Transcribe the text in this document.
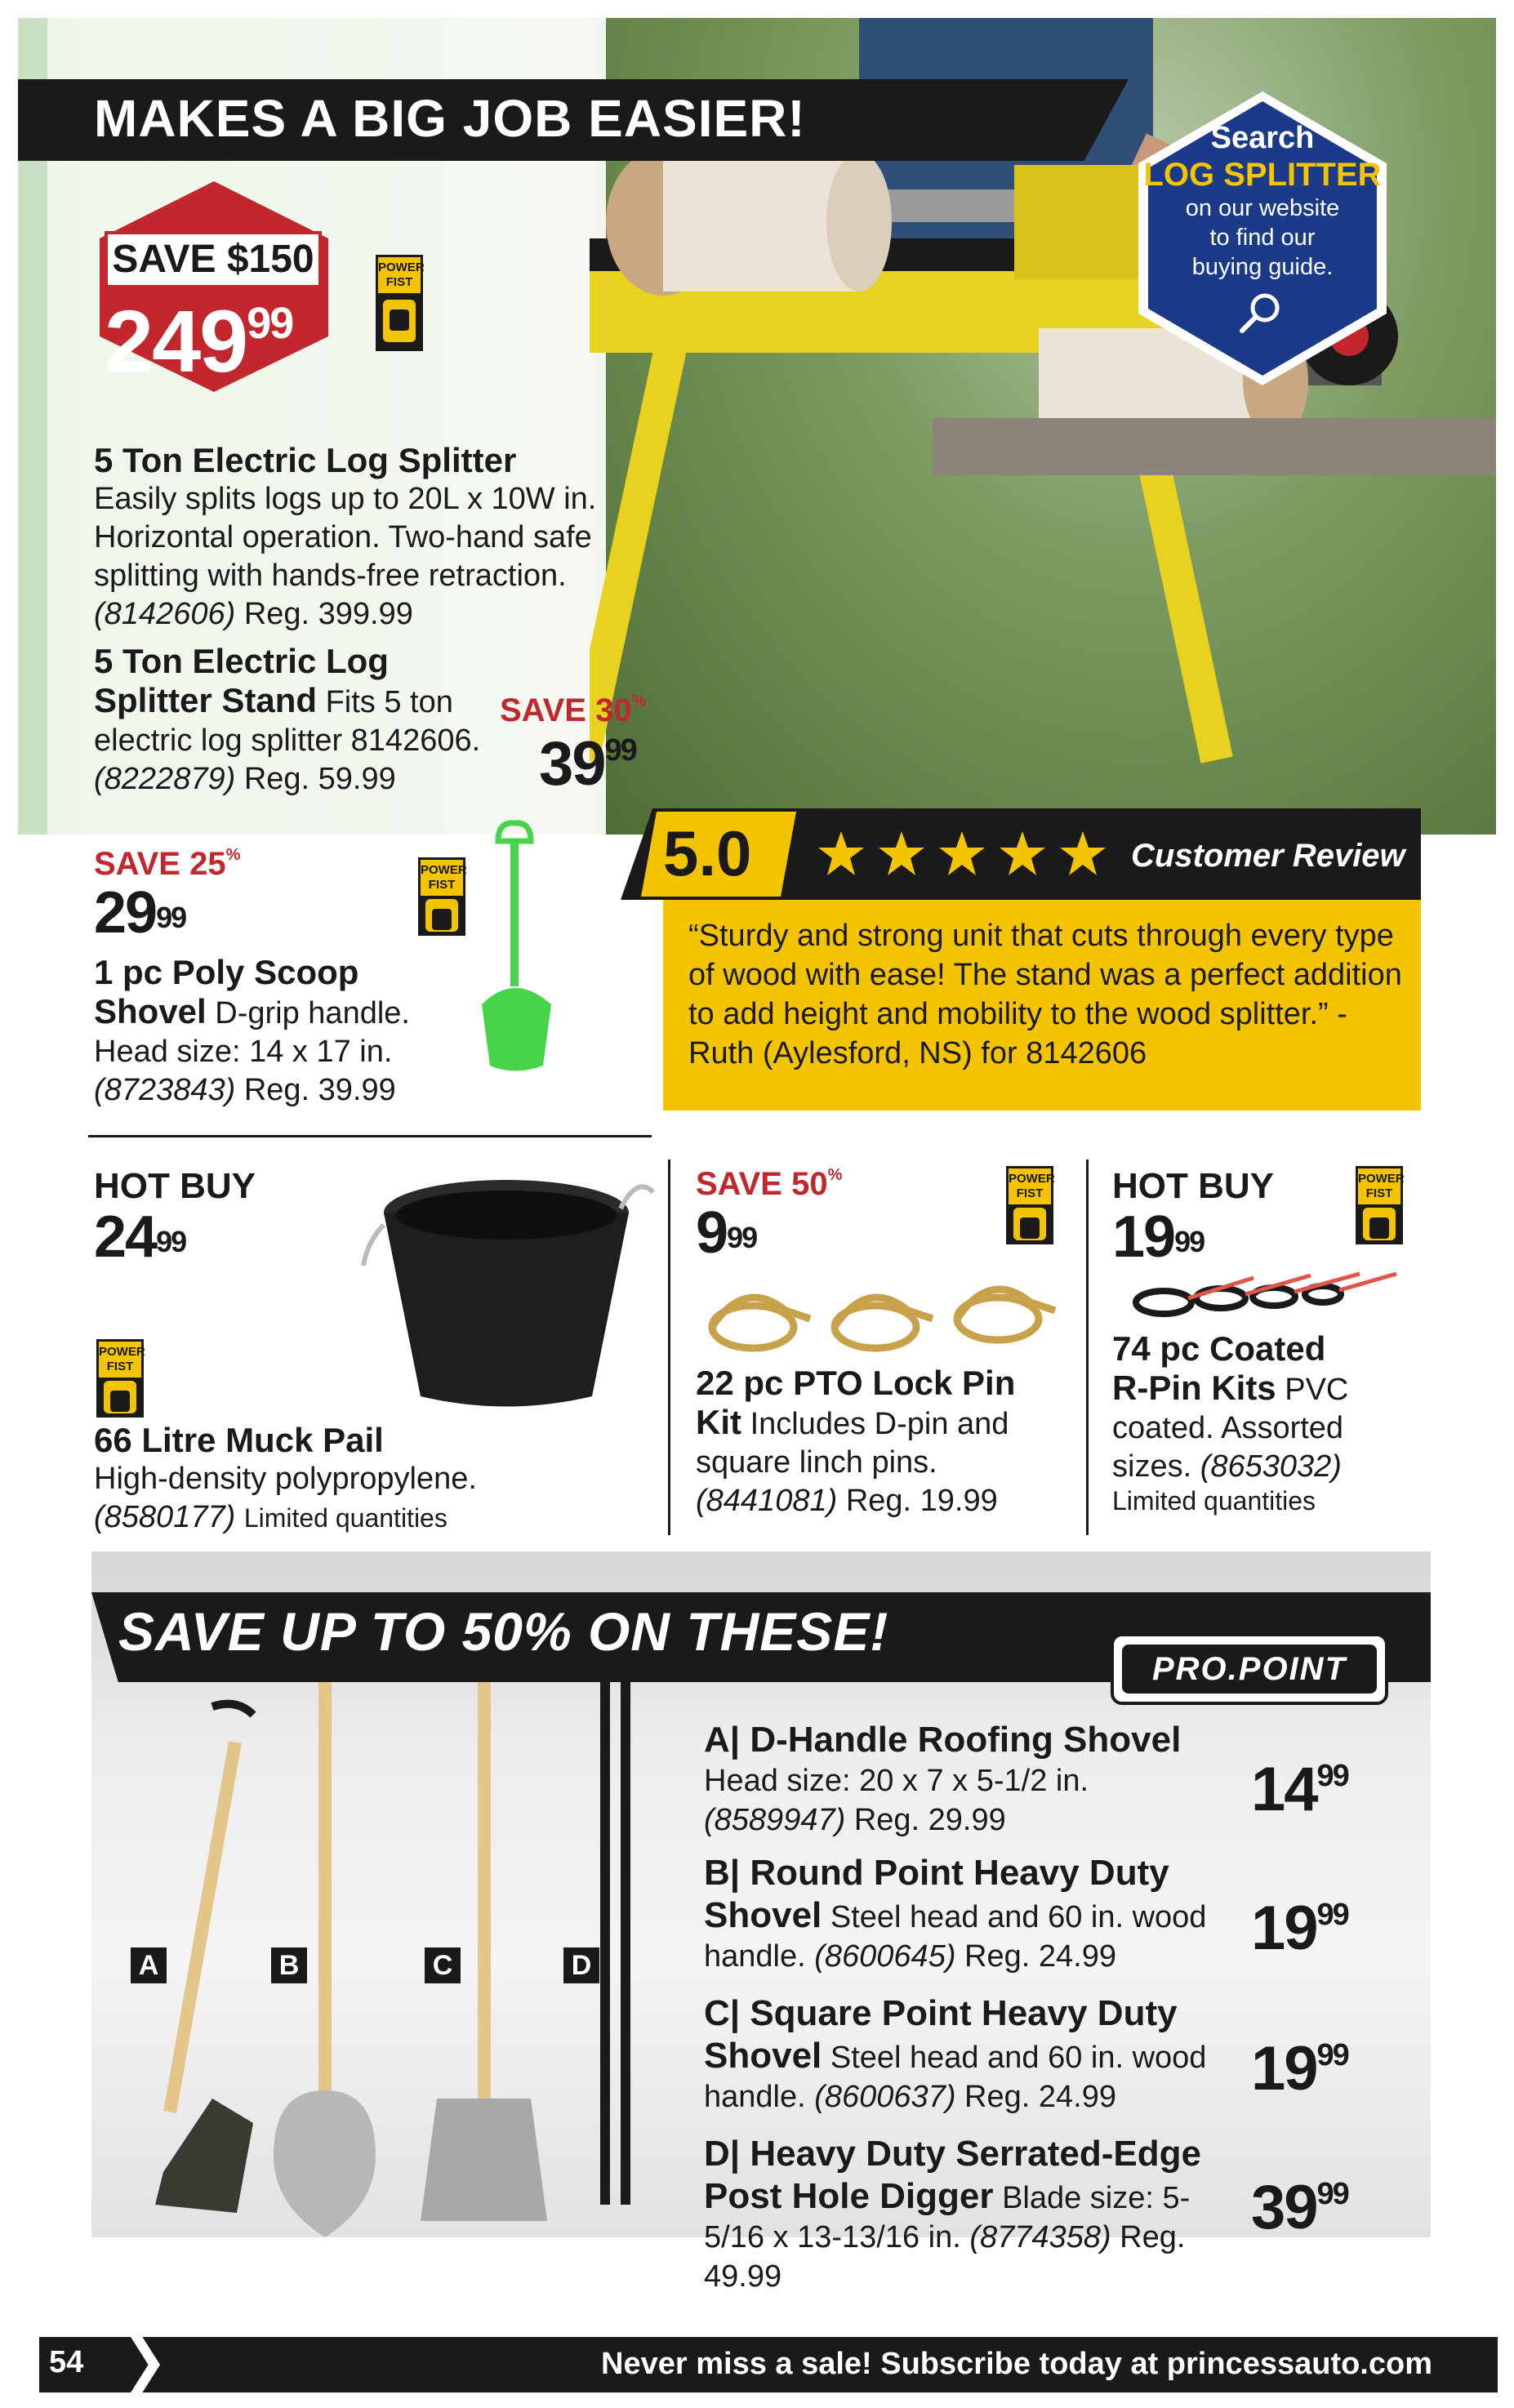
MAKES A BIG JOB EASIER!
SAVE $150
$249^{99}$
POWER FIST
Search
LOG SPLITTER
on our website
to find our
buying guide.
5 Ton Electric Log Splitter
Easily splits logs up to 20L x 10W in. Horizontal operation. Two-hand safe splitting with hands-free retraction. (8142606) Reg. 399.99
5 Ton Electric Log
Splitter Stand Fits 5 ton electric log splitter 8142606.
(8222879) Reg. 59.99
SAVE 30%
$39^{99}$
5.0	Customer Review
“Sturdy and strong unit that cuts through every type of wood with ease! The stand was a perfect addition to add height and mobility to the wood splitter.” - Ruth (Aylesford, NS) for 8142606
SAVE 25%
$29^{99}$
1 pc Poly Scoop
Shovel D-grip handle. Head size: 14 x 17 in. (8723843) Reg. 39.99
POWER FIST
HOT BUY
$24^{99}$
POWER FIST
66 Litre Muck Pail
High-density polypropylene.
(8580177) Limited quantities
SAVE 50%
$9^{99}$
POWER FIST
22 pc PTO Lock Pin
Kit Includes D-pin and square linch pins. (8441081) Reg. 19.99
HOT BUY
$19^{99}$
POWER FIST
74 pc Coated
R-Pin Kits PVC coated. Assorted sizes. (8653032)
Limited quantities
SAVE UP TO 50% ON THESE!
PRO.POINT
A	B	C	D
A| D-Handle Roofing Shovel
Head size: 20 x 7 x 5-1/2 in.
(8589947) Reg. 29.99	$14^{99}$
B| Round Point Heavy Duty
Shovel Steel head and 60 in. wood handle. (8600645) Reg. 24.99	$19^{99}$
C| Square Point Heavy Duty
Shovel Steel head and 60 in. wood handle. (8600637) Reg. 24.99	$19^{99}$
D| Heavy Duty Serrated-Edge
Post Hole Digger Blade size: 5-5/16 x 13-13/16 in. (8774358) Reg. 49.99
$39^{99}$
54	Never miss a sale! Subscribe today at princessauto.com
